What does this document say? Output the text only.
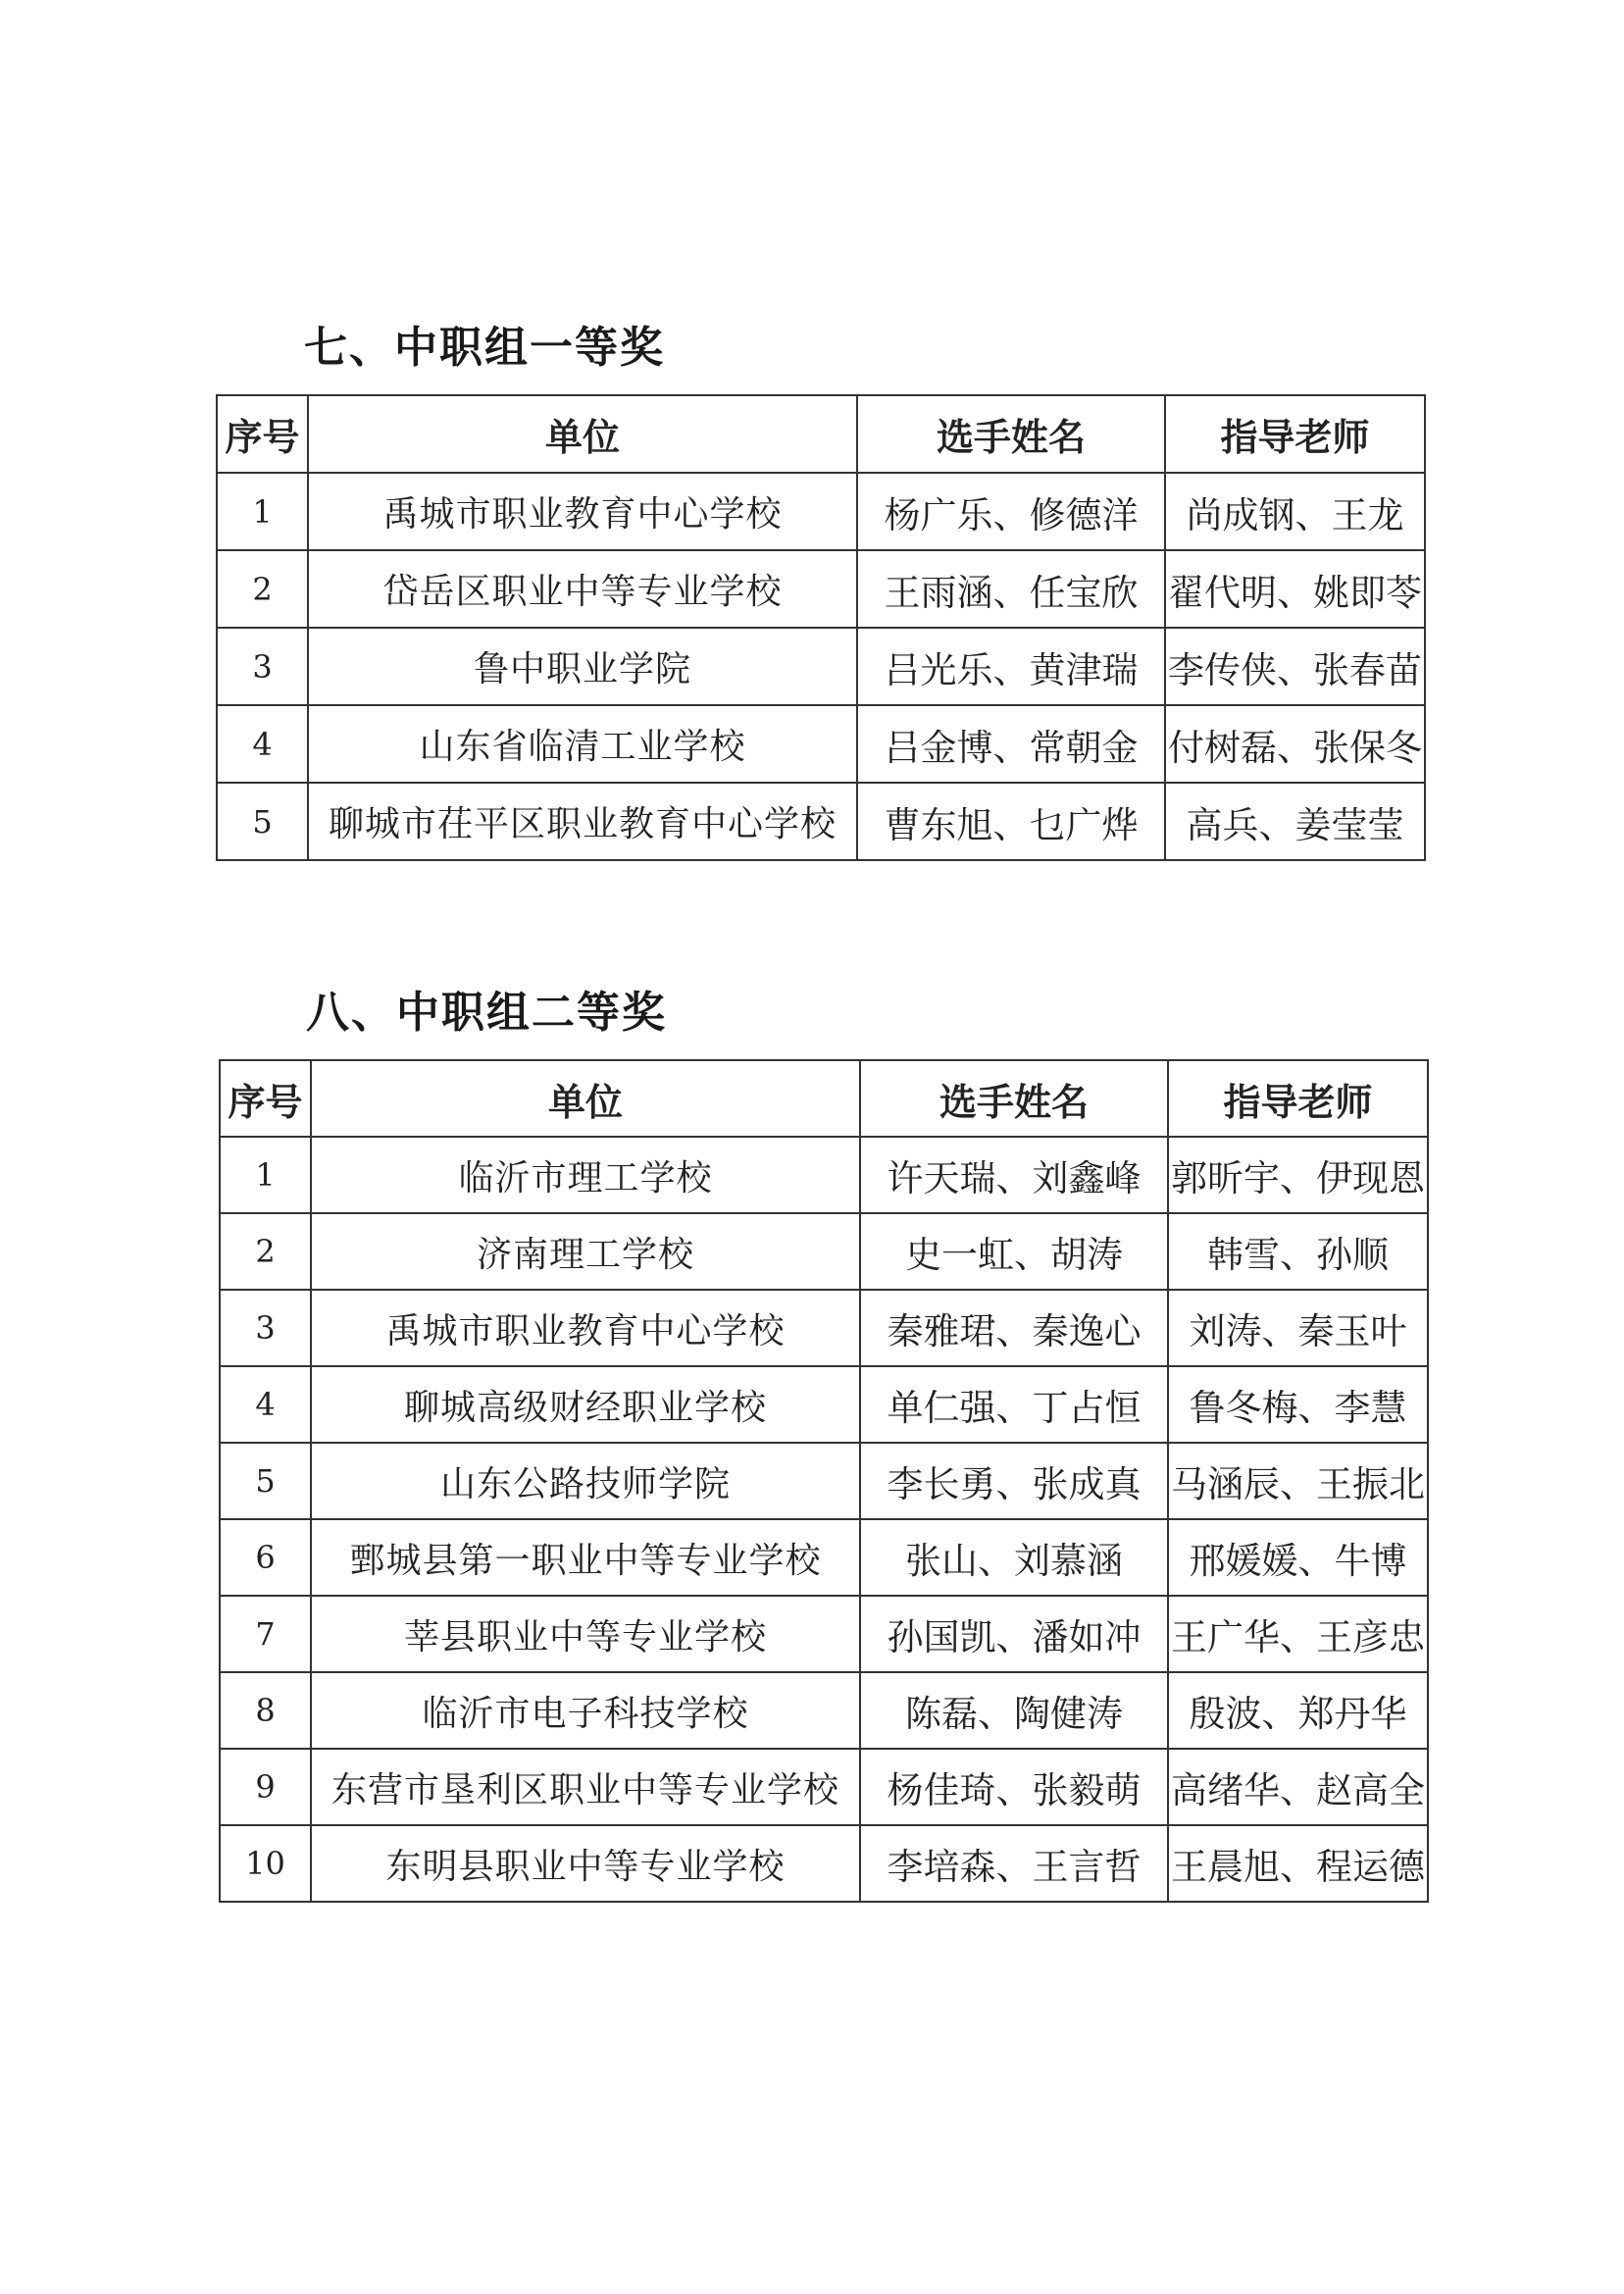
七、中职组一等奖
序号	单位	选手姓名	指导老师
1	禹城市职业教育中心学校	杨广乐、修德洋	尚成钢、王龙
2	岱岳区职业中等专业学校	王雨涵、任宝欣	翟代明、姚即苓
3	鲁中职业学院	吕光乐、黄津瑞	李传侠、张春苗
4	山东省临清工业学校	吕金博、常朝金	付树磊、张保冬
5	聊城市茌平区职业教育中心学校	曹东旭、乜广烨	高兵、姜莹莹
八、中职组二等奖
序号	单位	选手姓名	指导老师
1	临沂市理工学校	许天瑞、刘鑫峰	郭昕宇、伊现恩
2	济南理工学校	史一虹、胡涛	韩雪、孙顺
3	禹城市职业教育中心学校	秦雅珺、秦逸心	刘涛、秦玉叶
4	聊城高级财经职业学校	单仁强、丁占恒	鲁冬梅、李慧
5	山东公路技师学院	李长勇、张成真	马涵辰、王振北
6	鄄城县第一职业中等专业学校	张山、刘慕涵	邢媛媛、牛博
7	莘县职业中等专业学校	孙国凯、潘如冲	王广华、王彦忠
8	临沂市电子科技学校	陈磊、陶健涛	殷波、郑丹华
9	东营市垦利区职业中等专业学校	杨佳琦、张毅萌	高绪华、赵高全
10	东明县职业中等专业学校	李培森、王言哲	王晨旭、程运德
